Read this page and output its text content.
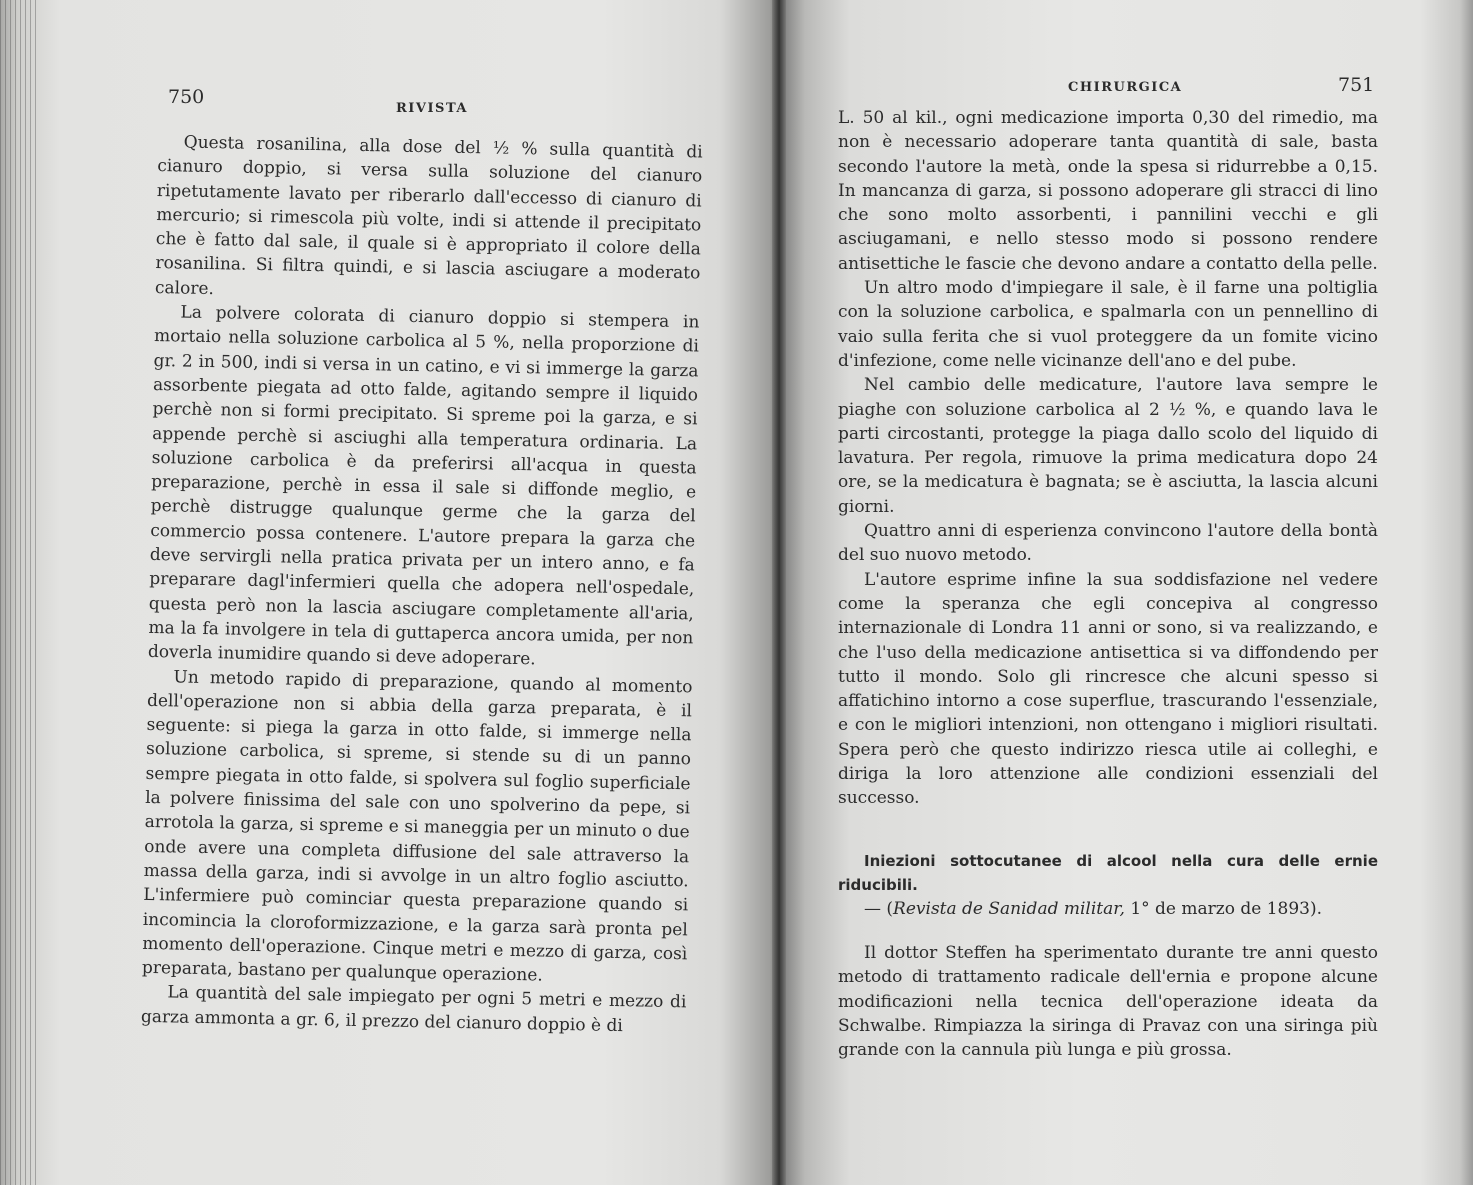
750
RIVISTA

Questa rosanilina, alla dose del ½ % sulla quantità di cianuro doppio, si versa sulla soluzione del cianuro ripetutamente lavato per riberarlo dall'eccesso di cianuro di mercurio; si rimescola più volte, indi si attende il precipitato che è fatto dal sale, il quale si è appropriato il colore della rosanilina. Si filtra quindi, e si lascia asciugare a moderato calore.

La polvere colorata di cianuro doppio si stempera in mortaio nella soluzione carbolica al 5 %, nella proporzione di gr. 2 in 500, indi si versa in un catino, e vi si immerge la garza assorbente piegata ad otto falde, agitando sempre il liquido perchè non si formi precipitato. Si spreme poi la garza, e si appende perchè si asciughi alla temperatura ordinaria. La soluzione carbolica è da preferirsi all'acqua in questa preparazione, perchè in essa il sale si diffonde meglio, e perchè distrugge qualunque germe che la garza del commercio possa contenere. L'autore prepara la garza che deve servirgli nella pratica privata per un intero anno, e fa preparare dagl'infermieri quella che adopera nell'ospedale, questa però non la lascia asciugare completamente all'aria, ma la fa involgere in tela di guttaperca ancora umida, per non doverla inumidire quando si deve adoperare.

Un metodo rapido di preparazione, quando al momento dell'operazione non si abbia della garza preparata, è il seguente: si piega la garza in otto falde, si immerge nella soluzione carbolica, si spreme, si stende su di un panno sempre piegata in otto falde, si spolvera sul foglio superficiale la polvere finissima del sale con uno spolverino da pepe, si arrotola la garza, si spreme e si maneggia per un minuto o due onde avere una completa diffusione del sale attraverso la massa della garza, indi si avvolge in un altro foglio asciutto. L'infermiere può cominciar questa preparazione quando si incomincia la cloroformizzazione, e la garza sarà pronta pel momento dell'operazione. Cinque metri e mezzo di garza, così preparata, bastano per qualunque operazione.

La quantità del sale impiegato per ogni 5 metri e mezzo di garza ammonta a gr. 6, il prezzo del cianuro doppio è di

CHIRURGICA	751

L. 50 al kil., ogni medicazione importa 0,30 del rimedio, ma non è necessario adoperare tanta quantità di sale, basta secondo l'autore la metà, onde la spesa si ridurrebbe a 0,15. In mancanza di garza, si possono adoperare gli stracci di lino che sono molto assorbenti, i pannilini vecchi e gli asciugamani, e nello stesso modo si possono rendere antisettiche le fascie che devono andare a contatto della pelle.

Un altro modo d'impiegare il sale, è il farne una poltiglia con la soluzione carbolica, e spalmarla con un pennellino di vaio sulla ferita che si vuol proteggere da un fomite vicino d'infezione, come nelle vicinanze dell'ano e del pube.

Nel cambio delle medicature, l'autore lava sempre le piaghe con soluzione carbolica al 2 ½ %, e quando lava le parti circostanti, protegge la piaga dallo scolo del liquido di lavatura. Per regola, rimuove la prima medicatura dopo 24 ore, se la medicatura è bagnata; se è asciutta, la lascia alcuni giorni.

Quattro anni di esperienza convincono l'autore della bontà del suo nuovo metodo.

L'autore esprime infine la sua soddisfazione nel vedere come la speranza che egli concepiva al congresso internazionale di Londra 11 anni or sono, si va realizzando, e che l'uso della medicazione antisettica si va diffondendo per tutto il mondo. Solo gli rincresce che alcuni spesso si affatichino intorno a cose superflue, trascurando l'essenziale, e con le migliori intenzioni, non ottengano i migliori risultati. Spera però che questo indirizzo riesca utile ai colleghi, e diriga la loro attenzione alle condizioni essenziali del successo.

Iniezioni sottocutanee di alcool nella cura delle ernie riducibili.

— (Revista de Sanidad militar, 1° de marzo de 1893).

Il dottor Steffen ha sperimentato durante tre anni questo metodo di trattamento radicale dell'ernia e propone alcune modificazioni nella tecnica dell'operazione ideata da Schwalbe. Rimpiazza la siringa di Pravaz con una siringa più grande con la cannula più lunga e più grossa.
